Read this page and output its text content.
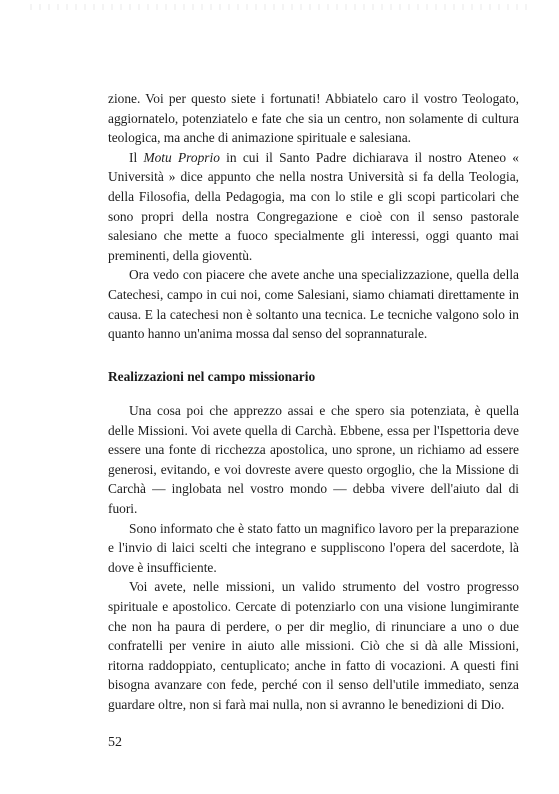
zione. Voi per questo siete i fortunati! Abbiatelo caro il vostro Teologato, aggiornatelo, potenziatelo e fate che sia un centro, non solamente di cultura teologica, ma anche di animazione spirituale e salesiana.

Il Motu Proprio in cui il Santo Padre dichiarava il nostro Ateneo « Università » dice appunto che nella nostra Università si fa della Teologia, della Filosofia, della Pedagogia, ma con lo stile e gli scopi particolari che sono propri della nostra Congregazione e cioè con il senso pastorale salesiano che mette a fuoco specialmente gli interessi, oggi quanto mai preminenti, della gioventù.

Ora vedo con piacere che avete anche una specializzazione, quella della Catechesi, campo in cui noi, come Salesiani, siamo chiamati direttamente in causa. E la catechesi non è soltanto una tecnica. Le tecniche valgono solo in quanto hanno un'anima mossa dal senso del soprannaturale.

Realizzazioni nel campo missionario

Una cosa poi che apprezzo assai e che spero sia potenziata, è quella delle Missioni. Voi avete quella di Carchà. Ebbene, essa per l'Ispettoria deve essere una fonte di ricchezza apostolica, uno sprone, un richiamo ad essere generosi, evitando, e voi dovreste avere questo orgoglio, che la Missione di Carchà — inglobata nel vostro mondo — debba vivere dell'aiuto dal di fuori.

Sono informato che è stato fatto un magnifico lavoro per la preparazione e l'invio di laici scelti che integrano e suppliscono l'opera del sacerdote, là dove è insufficiente.

Voi avete, nelle missioni, un valido strumento del vostro progresso spirituale e apostolico. Cercate di potenziarlo con una visione lungimirante che non ha paura di perdere, o per dir meglio, di rinunciare a uno o due confratelli per venire in aiuto alle missioni. Ciò che si dà alle Missioni, ritorna raddoppiato, centuplicato; anche in fatto di vocazioni. A questi fini bisogna avanzare con fede, perché con il senso dell'utile immediato, senza guardare oltre, non si farà mai nulla, non si avranno le benedizioni di Dio.

52
